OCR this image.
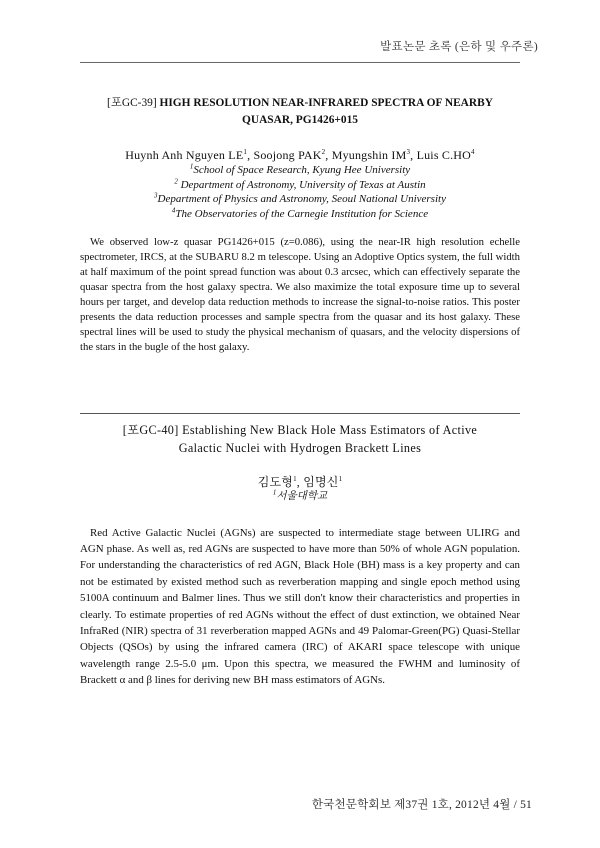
발표논문 초록 (은하 및 우주론)
[포GC-39] HIGH RESOLUTION NEAR-INFRARED SPECTRA OF NEARBY
QUASAR, PG1426+015
Huynh Anh Nguyen $LE^1$, Soojong PAK$^2$, Myungshin $IM^3$, Luis $C.HO^4$
$^1$School of Space Research, Kyung Hee University
$^2$ Department of Astronomy, University of Texas at Austin
$^3$Department of Physics and Astronomy, Seoul National University
$^4$The Observatories of the Carnegie Institution for Science

We observed low-z quasar PG1426+015 (z=0.086), using the near-IR high resolution echelle spectrometer, IRCS, at the SUBARU 8.2 m telescope. Using an Adoptive Optics system, the full width at half maximum of the point spread function was about 0.3 arcsec, which can effectively separate the quasar spectra from the host galaxy spectra. We also maximize the total exposure time up to several hours per target, and develop data reduction methods to increase the signal-to-noise ratios. This poster presents the data reduction processes and sample spectra from the quasar and its host galaxy. These spectral lines will be used to study the physical mechanism of quasars, and the velocity dispersions of the stars in the bugle of the host galaxy.

[포GC-40] Establishing New Black Hole Mass Estimators of Active
Galactic Nuclei with Hydrogen Brackett Lines
김도형$^1$, 임명신$^1$
$^1$서울대학교

Red Active Galactic Nuclei (AGNs) are suspected to intermediate stage between ULIRG and AGN phase. As well as, red AGNs are suspected to have more than 50% of whole AGN population. For understanding the characteristics of red AGN, Black Hole (BH) mass is a key property and can not be estimated by existed method such as reverberation mapping and single epoch method using 5100A continuum and Balmer lines. Thus we still don't know their characteristics and properties in clearly. To estimate properties of red AGNs without the effect of dust extinction, we obtained Near InfraRed (NIR) spectra of 31 reverberation mapped AGNs and 49 Palomar-Green(PG) Quasi-Stellar Objects (QSOs) by using the infrared camera (IRC) of AKARI space telescope with unique wavelength range 2.5-5.0 μm. Upon this spectra, we measured the FWHM and luminosity of Brackett α and β lines for deriving new BH mass estimators of AGNs.

한국천문학회보 제37권 1호, 2012년 4월 / 51
